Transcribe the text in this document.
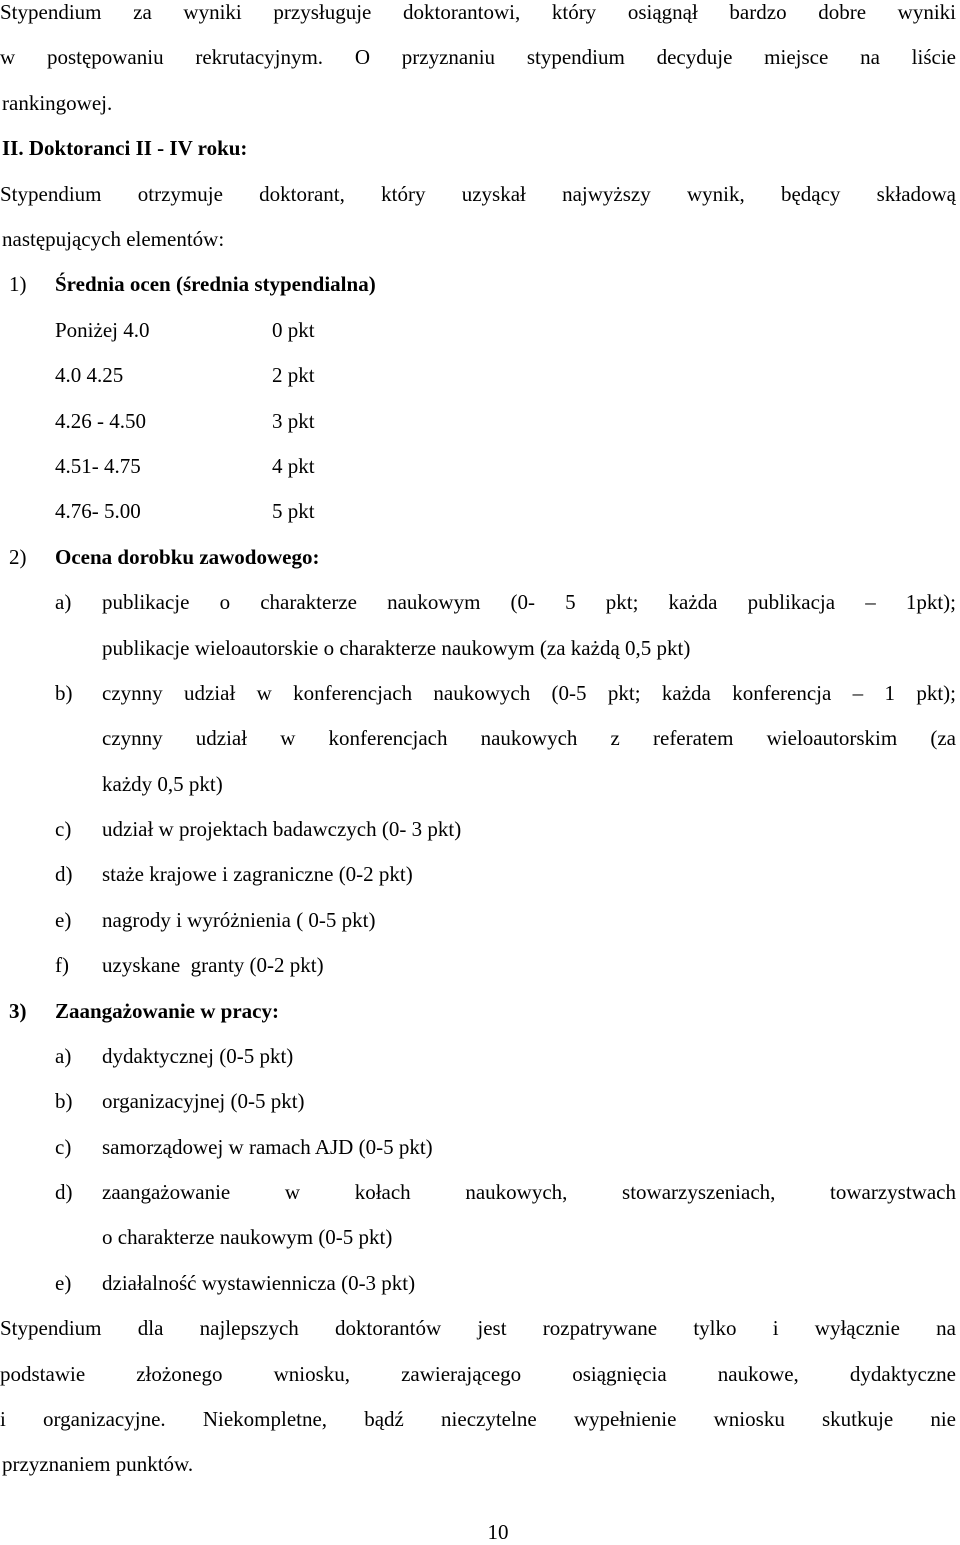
Stypendium za wyniki przysługuje doktorantowi, który osiągnął bardzo dobre wyniki
w postępowaniu rekrutacyjnym. O przyznaniu stypendium decyduje miejsce na liście
rankingowej.
II. Doktoranci II - IV roku:
Stypendium otrzymuje doktorant, który uzyskał najwyższy wynik, będący składową
następujących elementów:
1) Średnia ocen (średnia stypendialna)
Poniżej 4.0	0 pkt
4.0 4.25	2 pkt
4.26 - 4.50	3 pkt
4.51- 4.75	4 pkt
4.76- 5.00	5 pkt
2) Ocena dorobku zawodowego:
a) publikacje o charakterze naukowym (0- 5 pkt; każda publikacja – 1pkt);
publikacje wieloautorskie o charakterze naukowym (za każdą 0,5 pkt)
b) czynny udział w konferencjach naukowych (0-5 pkt; każda konferencja – 1 pkt);
czynny udział w konferencjach naukowych z referatem wieloautorskim (za
każdy 0,5 pkt)
c) udział w projektach badawczych (0- 3 pkt)
d) staże krajowe i zagraniczne (0-2 pkt)
e) nagrody i wyróżnienia ( 0-5 pkt)
f) uzyskane  granty (0-2 pkt)
3) Zaangażowanie w pracy:
a) dydaktycznej (0-5 pkt)
b) organizacyjnej (0-5 pkt)
c) samorządowej w ramach AJD (0-5 pkt)
d) zaangażowanie w kołach naukowych, stowarzyszeniach, towarzystwach
o charakterze naukowym (0-5 pkt)
e) działalność wystawiennicza (0-3 pkt)
Stypendium dla najlepszych doktorantów jest rozpatrywane tylko i wyłącznie na
podstawie złożonego wniosku, zawierającego osiągnięcia naukowe, dydaktyczne
i organizacyjne. Niekompletne, bądź nieczytelne wypełnienie wniosku skutkuje nie
przyznaniem punktów.
10
